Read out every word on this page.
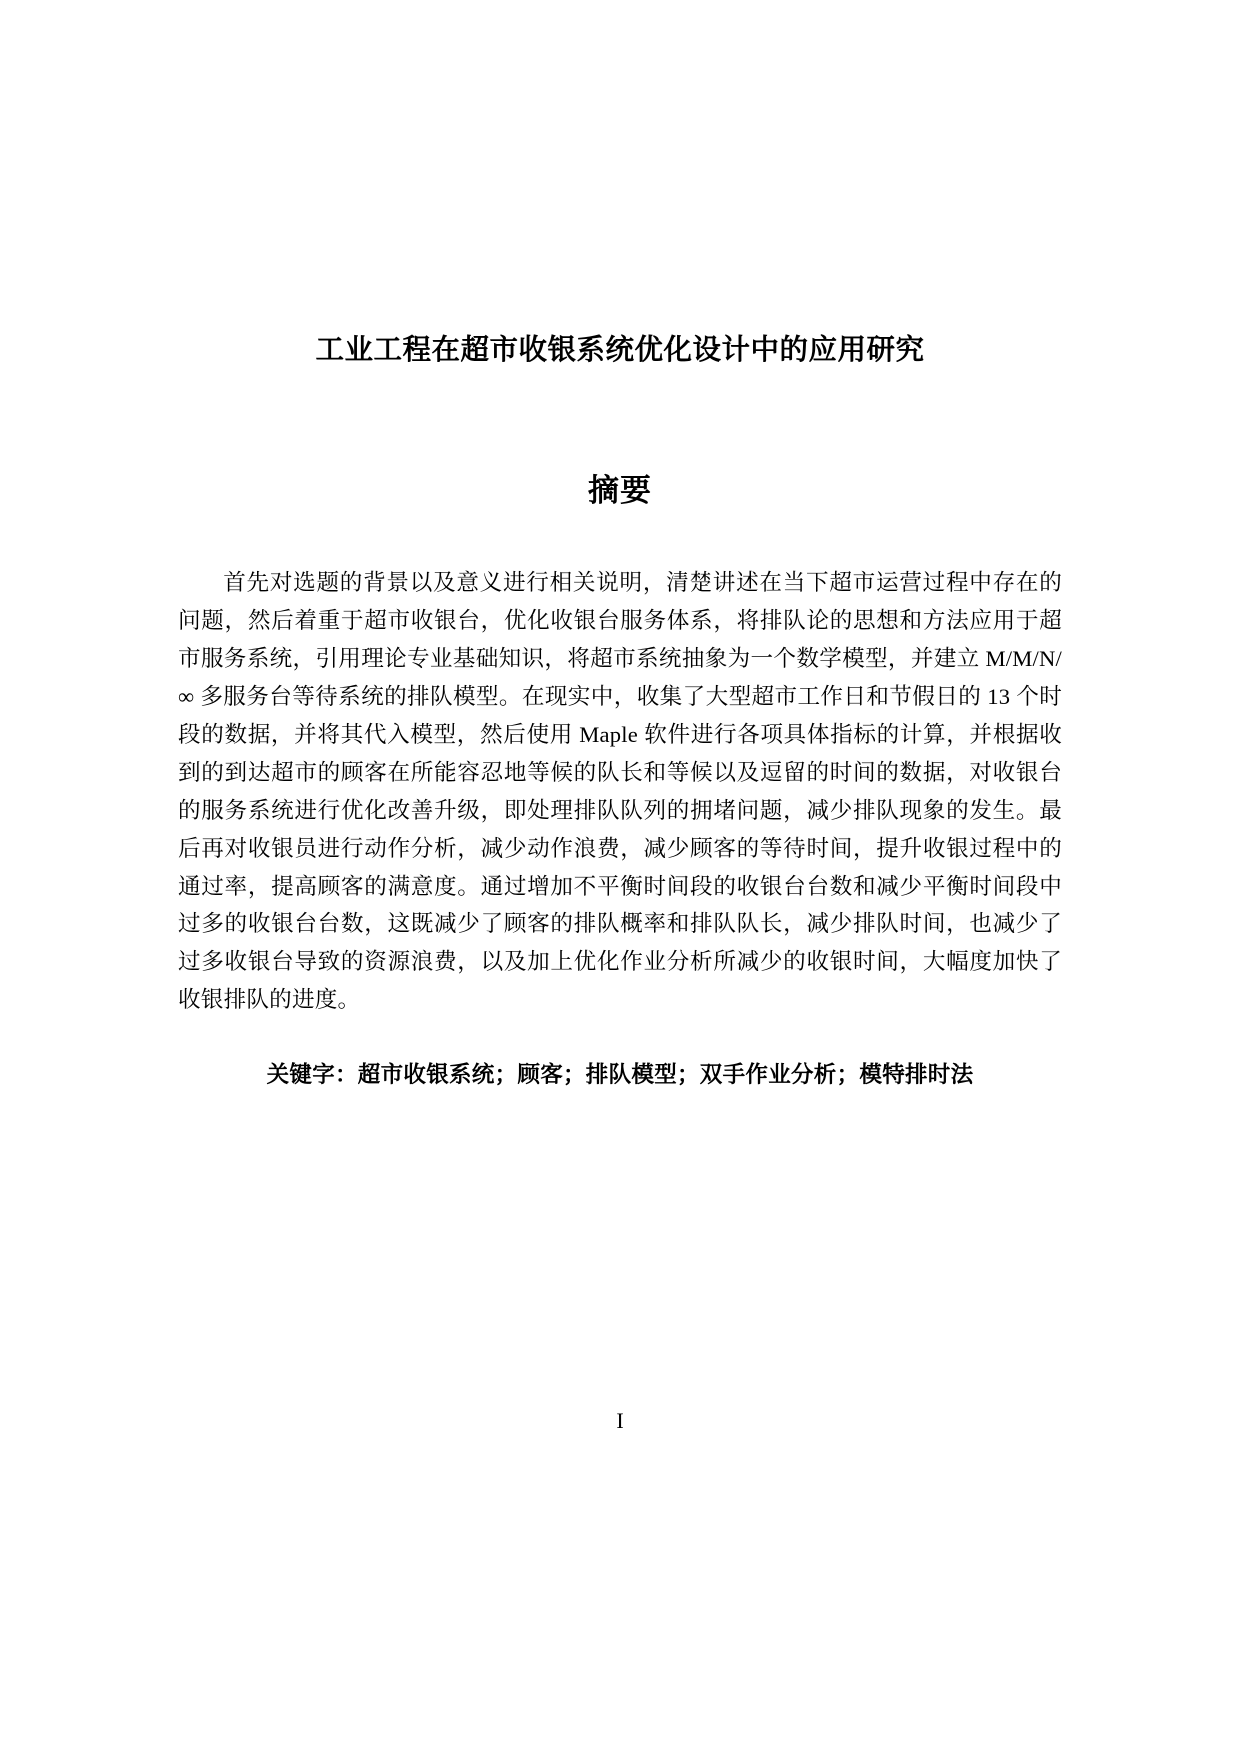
工业工程在超市收银系统优化设计中的应用研究
摘要
首先对选题的背景以及意义进行相关说明，清楚讲述在当下超市运营过程中存在的问题，然后着重于超市收银台，优化收银台服务体系，将排队论的思想和方法应用于超市服务系统，引用理论专业基础知识，将超市系统抽象为一个数学模型，并建立 M/M/N/∞ 多服务台等待系统的排队模型。在现实中，收集了大型超市工作日和节假日的 13 个时段的数据，并将其代入模型，然后使用 Maple 软件进行各项具体指标的计算，并根据收到的到达超市的顾客在所能容忍地等候的队长和等候以及逗留的时间的数据，对收银台的服务系统进行优化改善升级，即处理排队队列的拥堵问题，减少排队现象的发生。最后再对收银员进行动作分析，减少动作浪费，减少顾客的等待时间，提升收银过程中的通过率，提高顾客的满意度。通过增加不平衡时间段的收银台台数和减少平衡时间段中过多的收银台台数，这既减少了顾客的排队概率和排队队长，减少排队时间，也减少了过多收银台导致的资源浪费，以及加上优化作业分析所减少的收银时间，大幅度加快了收银排队的进度。
关键字：超市收银系统；顾客；排队模型；双手作业分析；模特排时法
I
